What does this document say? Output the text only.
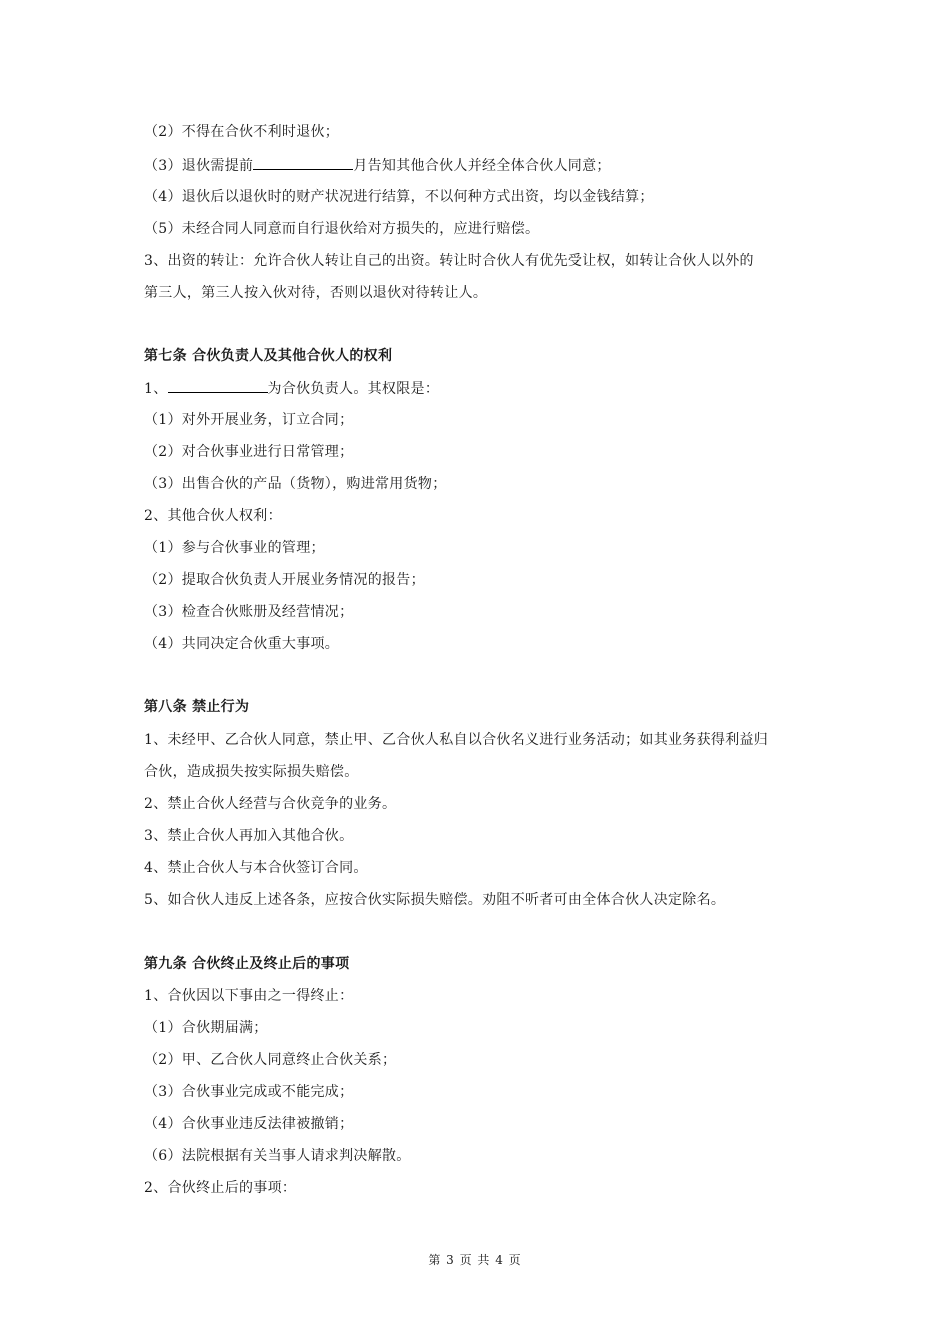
（2）不得在合伙不利时退伙；
（3）退伙需提前	月告知其他合伙人并经全体合伙人同意；
（4）退伙后以退伙时的财产状况进行结算，不以何种方式出资，均以金钱结算；
（5）未经合同人同意而自行退伙给对方损失的，应进行赔偿。
3、出资的转让：允许合伙人转让自己的出资。转让时合伙人有优先受让权，如转让合伙人以外的
第三人，第三人按入伙对待，否则以退伙对待转让人。
第七条 合伙负责人及其他合伙人的权利
1、	为合伙负责人。其权限是：
（1）对外开展业务，订立合同；
（2）对合伙事业进行日常管理；
（3）出售合伙的产品（货物），购进常用货物；
2、其他合伙人权利：
（1）参与合伙事业的管理；
（2）提取合伙负责人开展业务情况的报告；
（3）检查合伙账册及经营情况；
（4）共同决定合伙重大事项。
第八条 禁止行为
1、未经甲、乙合伙人同意，禁止甲、乙合伙人私自以合伙名义进行业务活动；如其业务获得利益归
合伙，造成损失按实际损失赔偿。
2、禁止合伙人经营与合伙竞争的业务。
3、禁止合伙人再加入其他合伙。
4、禁止合伙人与本合伙签订合同。
5、如合伙人违反上述各条，应按合伙实际损失赔偿。劝阻不听者可由全体合伙人决定除名。
第九条 合伙终止及终止后的事项
1、合伙因以下事由之一得终止：
（1）合伙期届满；
（2）甲、乙合伙人同意终止合伙关系；
（3）合伙事业完成或不能完成；
（4）合伙事业违反法律被撤销；
（6）法院根据有关当事人请求判决解散。
2、合伙终止后的事项：
第 3 页 共 4 页
